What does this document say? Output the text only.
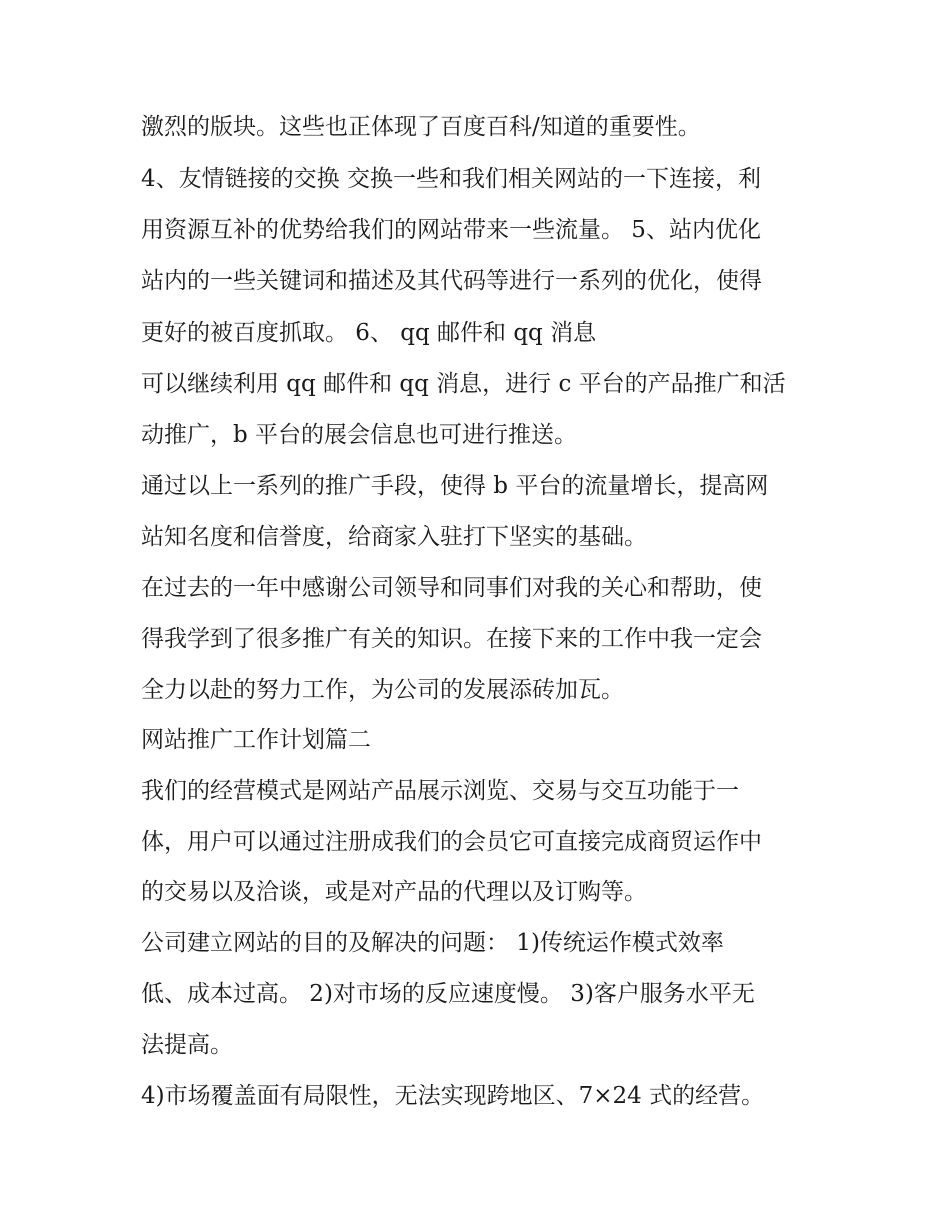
激烈的版块。这些也正体现了百度百科/知道的重要性。
4、友情链接的交换 交换一些和我们相关网站的一下连接，利
用资源互补的优势给我们的网站带来一些流量。 5、站内优化
站内的一些关键词和描述及其代码等进行一系列的优化，使得
更好的被百度抓取。 6、 qq 邮件和 qq 消息
可以继续利用 qq 邮件和 qq 消息，进行 c 平台的产品推广和活
动推广，b 平台的展会信息也可进行推送。
通过以上一系列的推广手段，使得 b 平台的流量增长，提高网
站知名度和信誉度，给商家入驻打下坚实的基础。
在过去的一年中感谢公司领导和同事们对我的关心和帮助，使
得我学到了很多推广有关的知识。在接下来的工作中我一定会
全力以赴的努力工作，为公司的发展添砖加瓦。
网站推广工作计划篇二
我们的经营模式是网站产品展示浏览、交易与交互功能于一
体，用户可以通过注册成我们的会员它可直接完成商贸运作中
的交易以及洽谈，或是对产品的代理以及订购等。
公司建立网站的目的及解决的问题： 1)传统运作模式效率
低、成本过高。 2)对市场的反应速度慢。 3)客户服务水平无
法提高。
4)市场覆盖面有局限性，无法实现跨地区、7×24 式的经营。
